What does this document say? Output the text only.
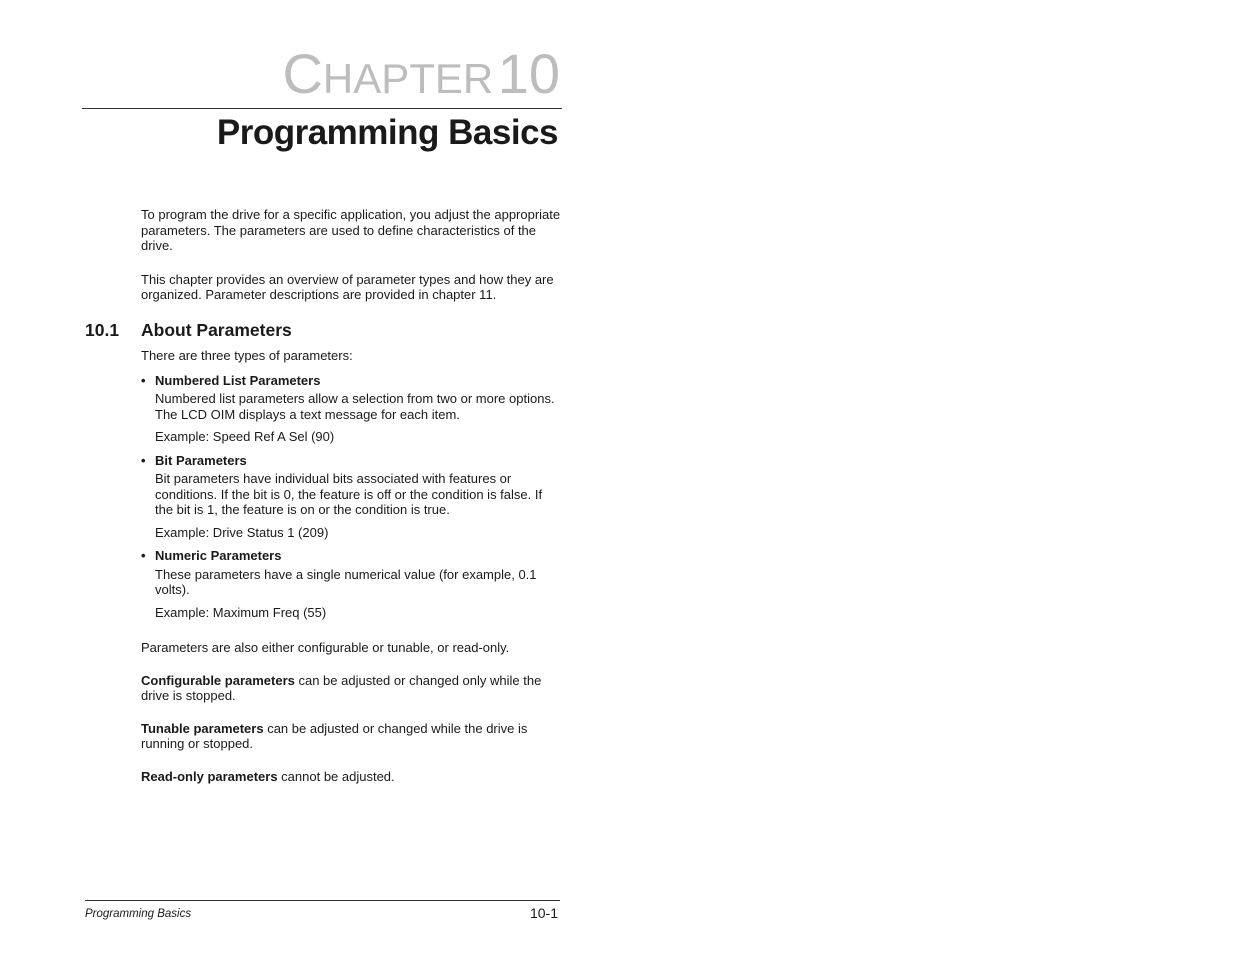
CHAPTER 10
Programming Basics

To program the drive for a specific application, you adjust the appropriate parameters. The parameters are used to define characteristics of the drive.

This chapter provides an overview of parameter types and how they are organized. Parameter descriptions are provided in chapter 11.

10.1 About Parameters

There are three types of parameters:

• Numbered List Parameters

Numbered list parameters allow a selection from two or more options. The LCD OIM displays a text message for each item.

Example: Speed Ref A Sel (90)

• Bit Parameters

Bit parameters have individual bits associated with features or conditions. If the bit is 0, the feature is off or the condition is false. If the bit is 1, the feature is on or the condition is true.

Example: Drive Status 1 (209)

• Numeric Parameters

These parameters have a single numerical value (for example, 0.1 volts).

Example: Maximum Freq (55)

Parameters are also either configurable or tunable, or read-only.

Configurable parameters can be adjusted or changed only while the drive is stopped.

Tunable parameters can be adjusted or changed while the drive is running or stopped.

Read-only parameters cannot be adjusted.

Programming Basics	10-1
